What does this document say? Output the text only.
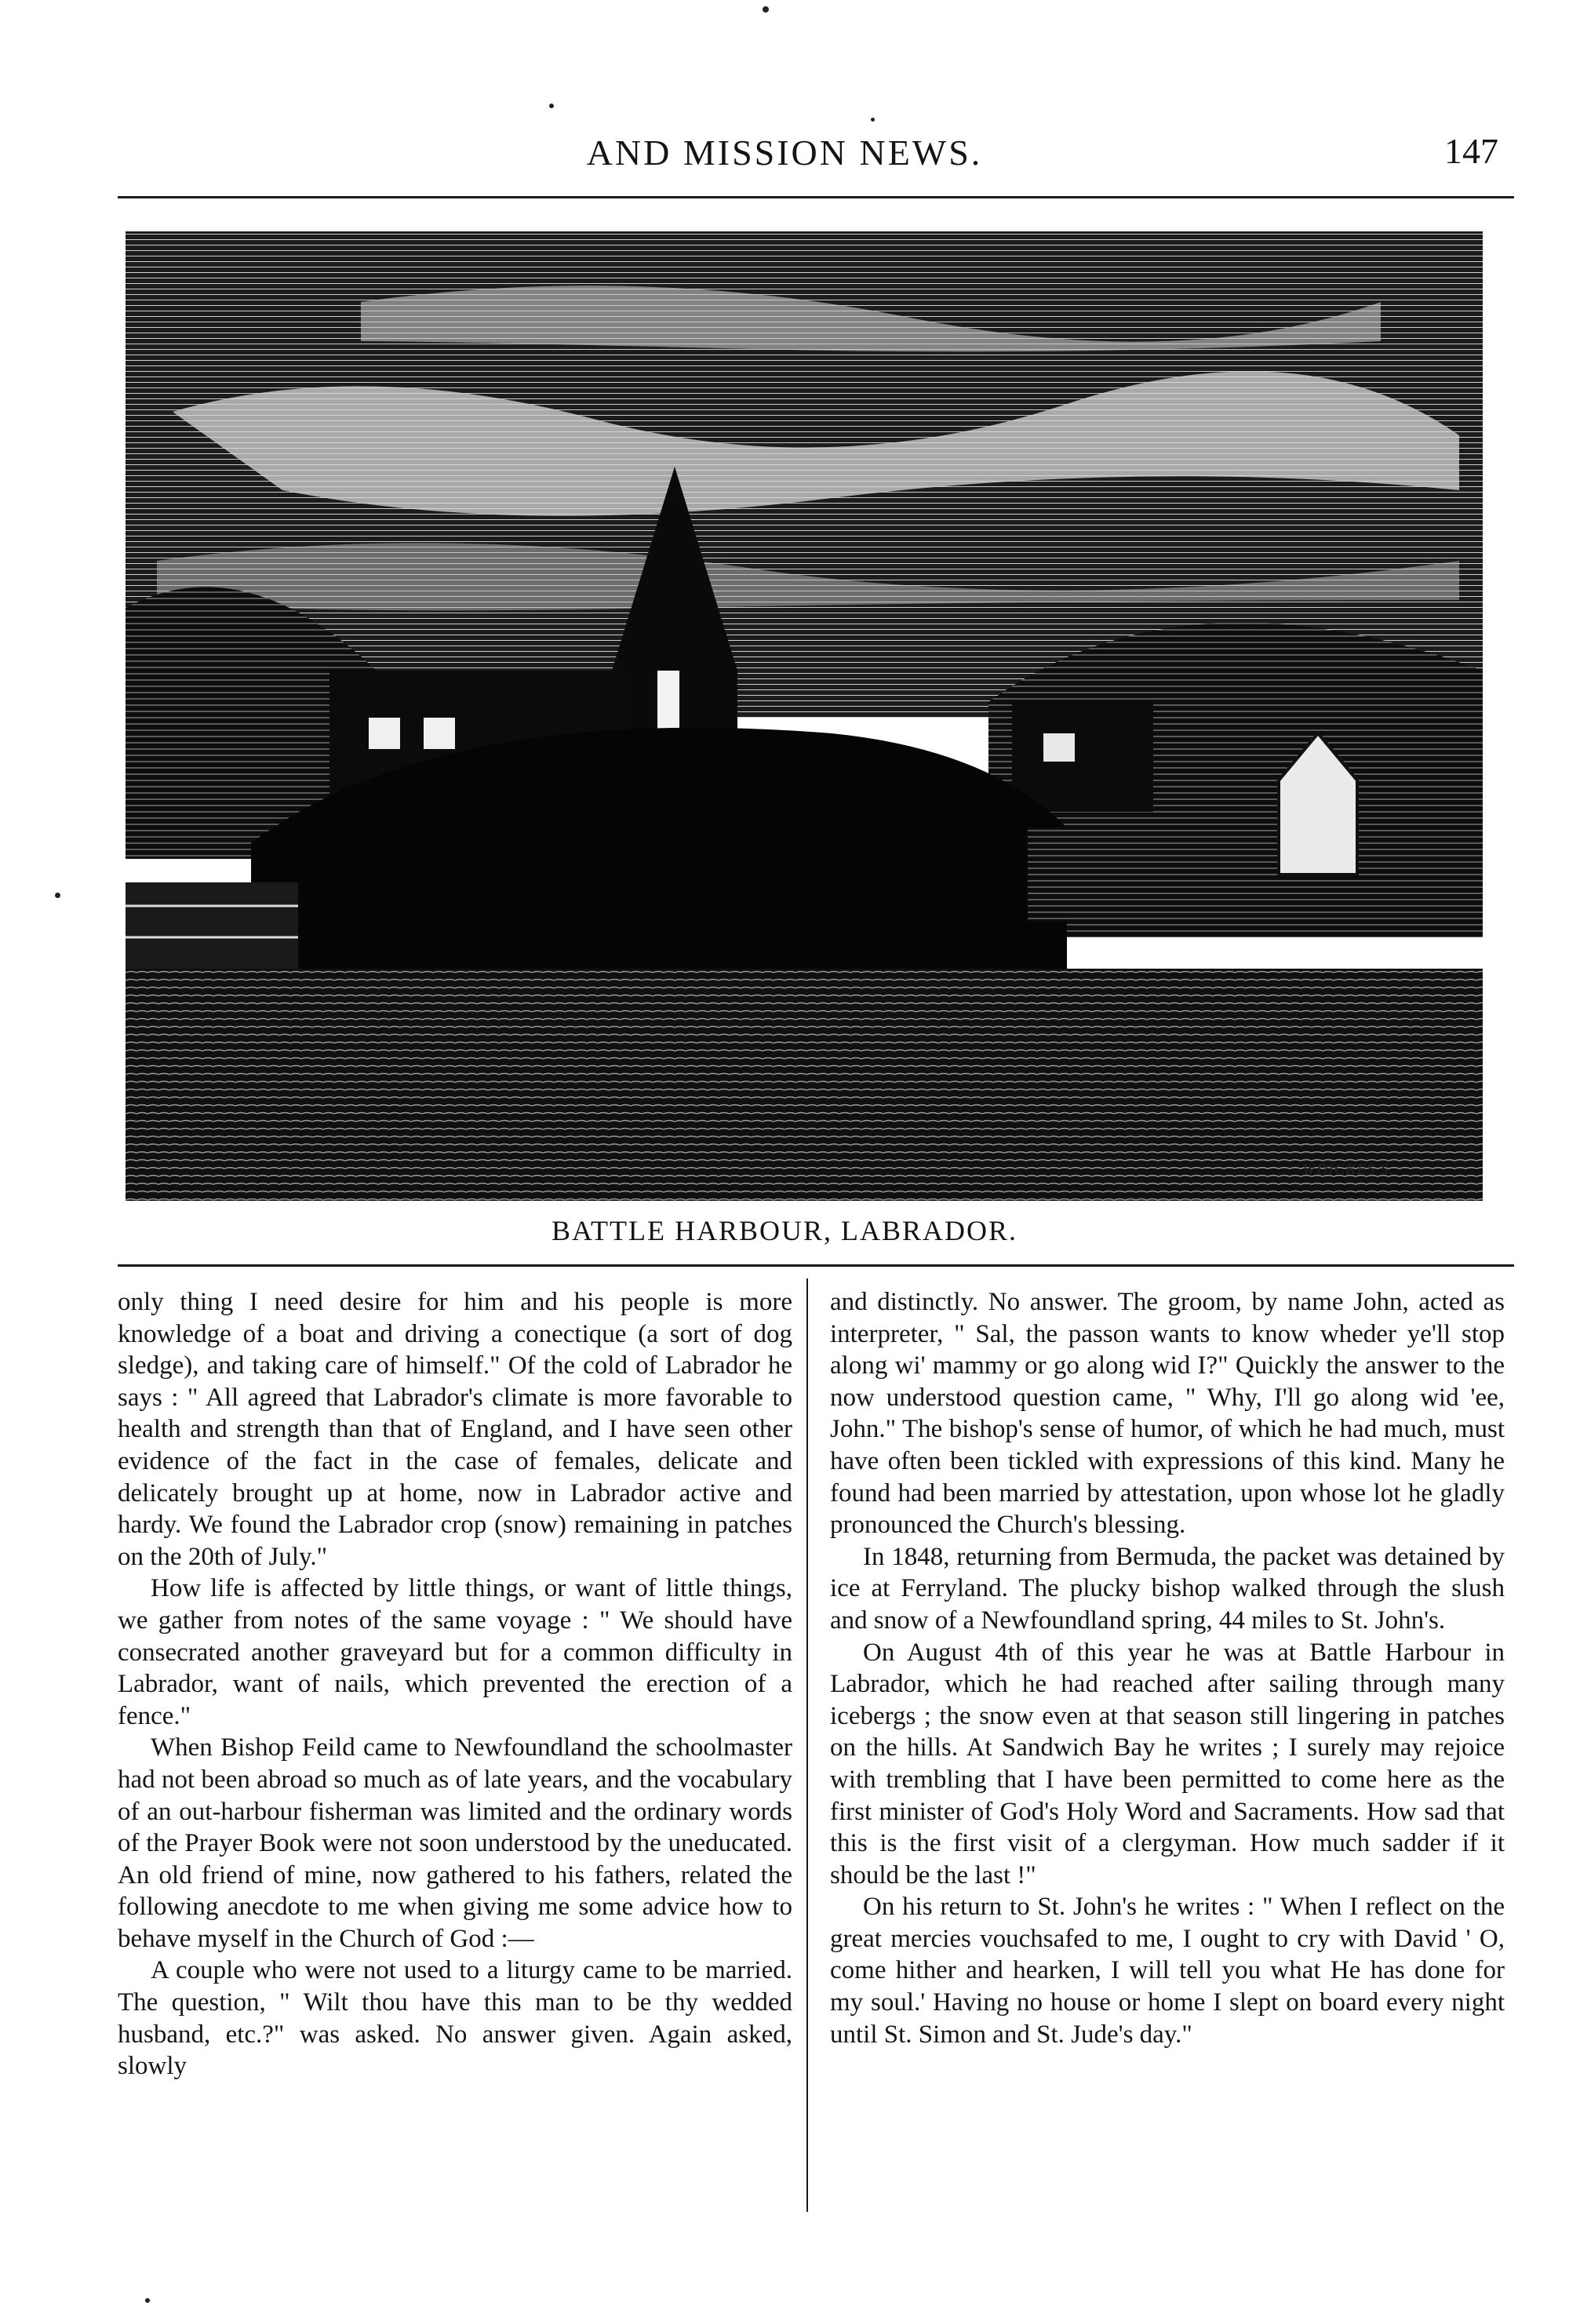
AND MISSION NEWS.	147
WDICKES.S.
BATTLE HARBOUR, LABRADOR.

only thing I need desire for him and his people is more knowledge of a boat and driving a conectique (a sort of dog sledge), and taking care of himself." Of the cold of Labrador he says : " All agreed that Labrador's climate is more favorable to health and strength than that of England, and I have seen other evidence of the fact in the case of females, delicate and delicately brought up at home, now in Labrador active and hardy. We found the Labrador crop (snow) remaining in patches on the 20th of July."

How life is affected by little things, or want of little things, we gather from notes of the same voyage : " We should have consecrated another graveyard but for a common difficulty in Labrador, want of nails, which prevented the erection of a fence."

When Bishop Feild came to Newfoundland the schoolmaster had not been abroad so much as of late years, and the vocabulary of an out-harbour fisherman was limited and the ordinary words of the Prayer Book were not soon understood by the uneducated. An old friend of mine, now gathered to his fathers, related the following anecdote to me when giving me some advice how to behave myself in the Church of God :—

A couple who were not used to a liturgy came to be married. The question, " Wilt thou have this man to be thy wedded husband, etc.?" was asked. No answer given. Again asked, slowly

and distinctly. No answer. The groom, by name John, acted as interpreter, " Sal, the passon wants to know wheder ye'll stop along wi' mammy or go along wid I?" Quickly the answer to the now understood question came, " Why, I'll go along wid 'ee, John." The bishop's sense of humor, of which he had much, must have often been tickled with expressions of this kind. Many he found had been married by attestation, upon whose lot he gladly pronounced the Church's blessing.

In 1848, returning from Bermuda, the packet was detained by ice at Ferryland. The plucky bishop walked through the slush and snow of a Newfoundland spring, 44 miles to St. John's.

On August 4th of this year he was at Battle Harbour in Labrador, which he had reached after sailing through many icebergs ; the snow even at that season still lingering in patches on the hills. At Sandwich Bay he writes ; I surely may rejoice with trembling that I have been permitted to come here as the first minister of God's Holy Word and Sacraments. How sad that this is the first visit of a clergyman. How much sadder if it should be the last !"

On his return to St. John's he writes : " When I reflect on the great mercies vouchsafed to me, I ought to cry with David ' O, come hither and hearken, I will tell you what He has done for my soul.' Having no house or home I slept on board every night until St. Simon and St. Jude's day."
